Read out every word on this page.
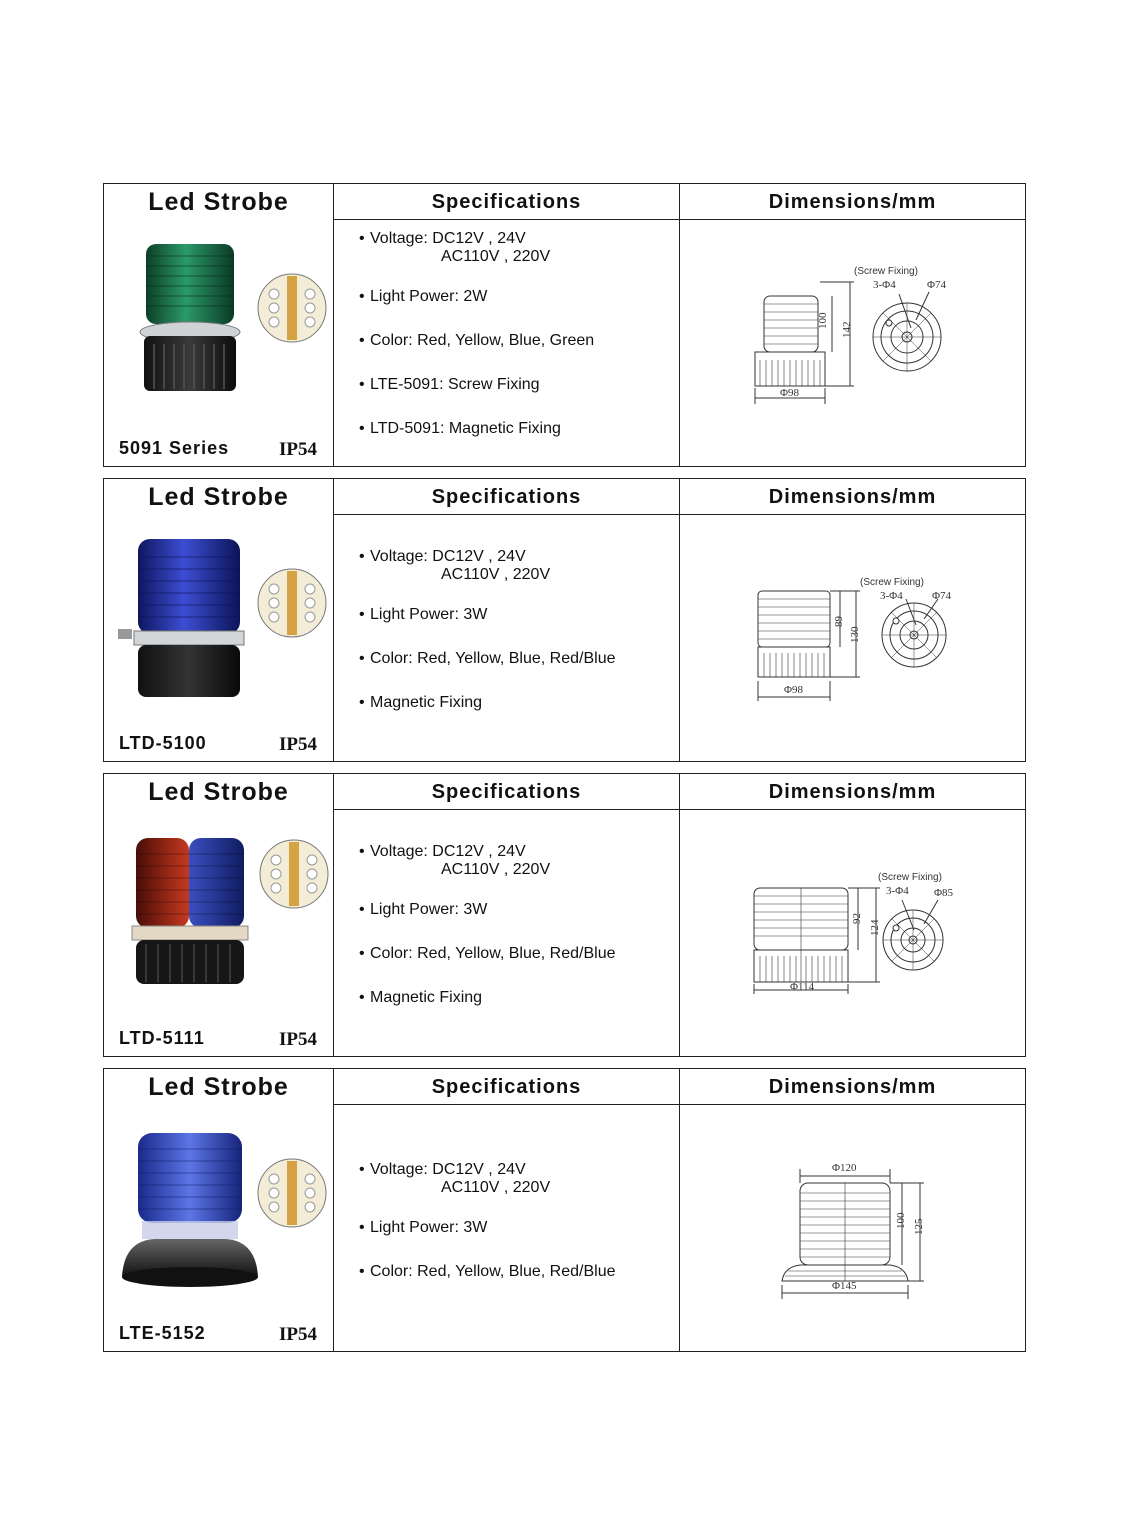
Led Strobe
5091 Series	IP54
Specifications
• Voltage: DC12V , 24V
AC110V , 220V
• Light Power: 2W
• Color: Red, Yellow, Blue, Green
• LTE-5091: Screw Fixing
• LTD-5091: Magnetic Fixing
Dimensions/mm
100
142
Φ98
(Screw Fixing)
3-Φ4	Φ74
Led Strobe
LTD-5100	IP54
Specifications
• Voltage: DC12V , 24V
AC110V , 220V
• Light Power: 3W
• Color: Red, Yellow, Blue, Red/Blue
• Magnetic Fixing
Dimensions/mm
89
130
Φ98
(Screw Fixing)
3-Φ4	Φ74
Led Strobe
LTD-5111	IP54
Specifications
• Voltage: DC12V , 24V
AC110V , 220V
• Light Power: 3W
• Color: Red, Yellow, Blue, Red/Blue
• Magnetic Fixing
Dimensions/mm
92
124
Φ114
(Screw Fixing)
3-Φ4 Φ85
Led Strobe
LTE-5152	IP54
Specifications
• Voltage: DC12V , 24V
AC110V , 220V
• Light Power: 3W
• Color: Red, Yellow, Blue, Red/Blue
Dimensions/mm
Φ120
Φ145
100 125
